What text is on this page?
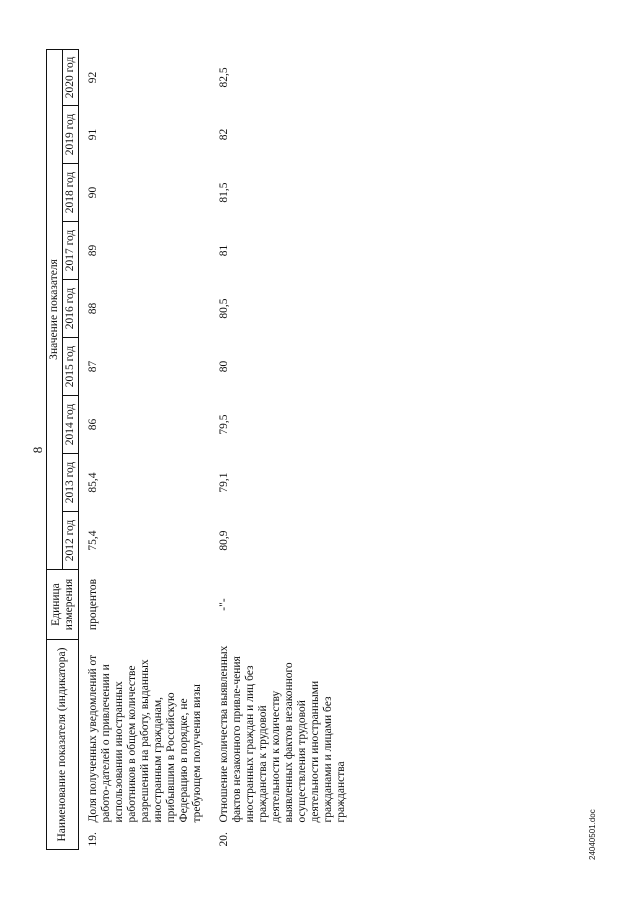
8
Наименование показателя (индикатора)		Единица
измерения	Значение показателя								
			2012 год	2013 год	2014 год	2015 год	2016 год	2017 год	2018 год	2019 год	2020 год
19.	Доля полученных уведомлений от работо-дателей о привлечении и использовании иностранных работников в общем количестве разрешений на работу, выданных иностранным гражданам, прибывшим в Российскую Федерацию в порядке, не требующем получения визы	процентов	75,4	85,4	86	87	88	89	90	91	92
20.	Отношение количества выявленных фактов незаконного привле-чения иностранных граждан и лиц без гражданства к трудовой деятельности к количеству выявленных фактов незаконного осуществления трудовой деятельности иностранными гражданами и лицами без гражданства	-"-	80,9	79,1	79,5	80	80,5	81	81,5	82	82,5
24040501.doc
